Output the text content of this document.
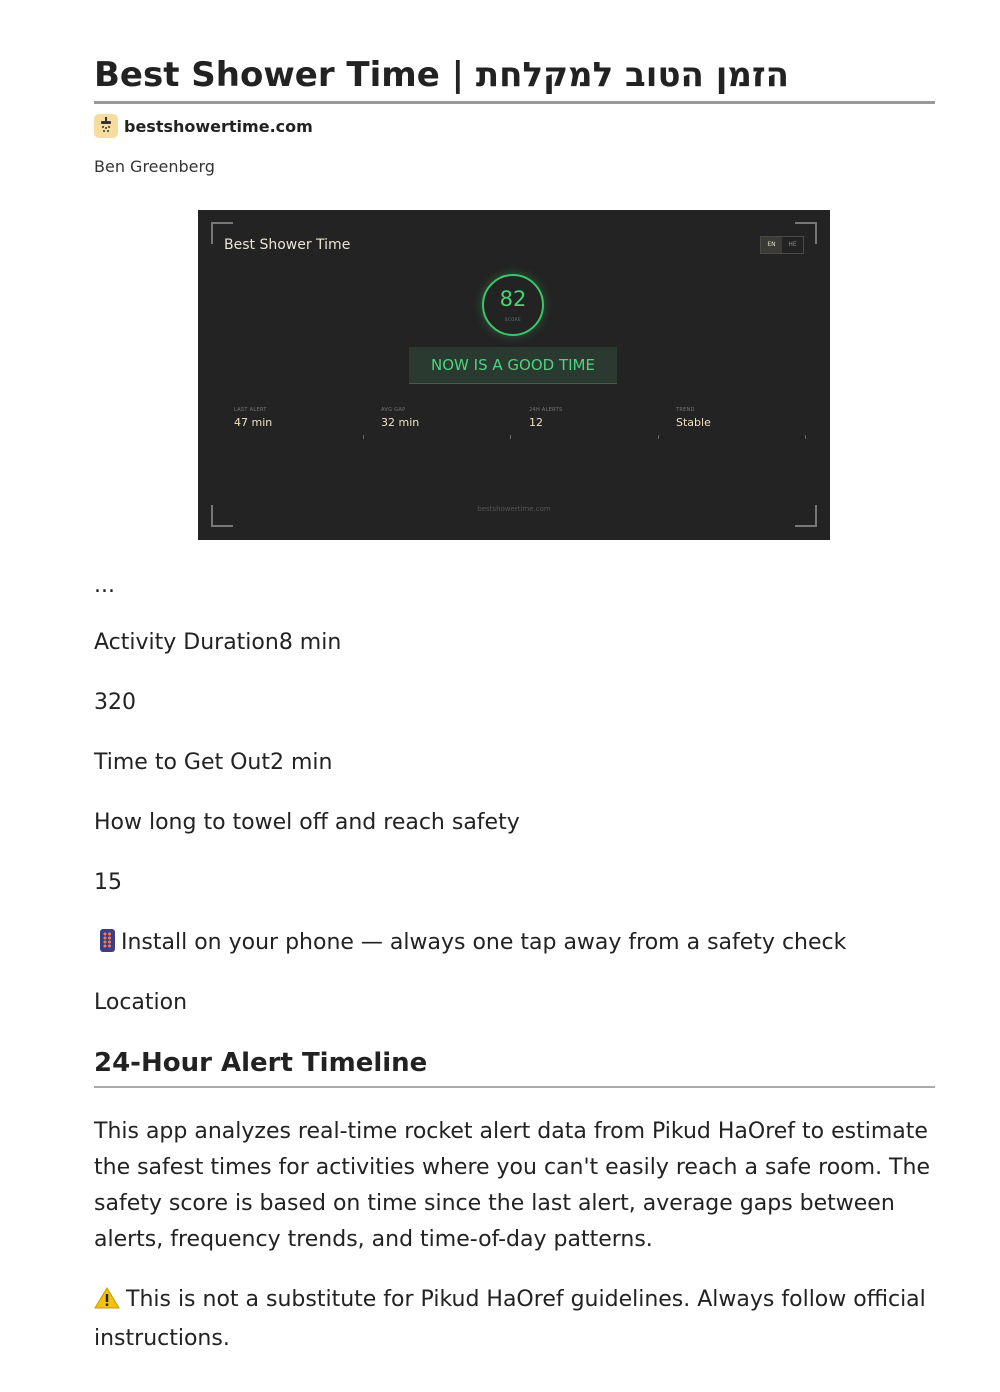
Best Shower Time | הזמן הטוב למקלחת
bestshowertime.com
Ben Greenberg
Best Shower Time	EN	HE
82
SCORE
NOW IS A GOOD TIME
LAST ALERT
47 min
AVG GAP
32 min
24H ALERTS
12
TREND
Stable
bestshowertime.com
...
Activity Duration8 min
320
Time to Get Out2 min
How long to towel off and reach safety
15
Install on your phone — always one tap away from a safety check
Location
24-Hour Alert Timeline
This app analyzes real-time rocket alert data from Pikud HaOref to estimate the safest times for activities where you can't easily reach a safe room. The safety score is based on time since the last alert, average gaps between alerts, frequency trends, and time-of-day patterns.
This is not a substitute for Pikud HaOref guidelines. Always follow official instructions.
